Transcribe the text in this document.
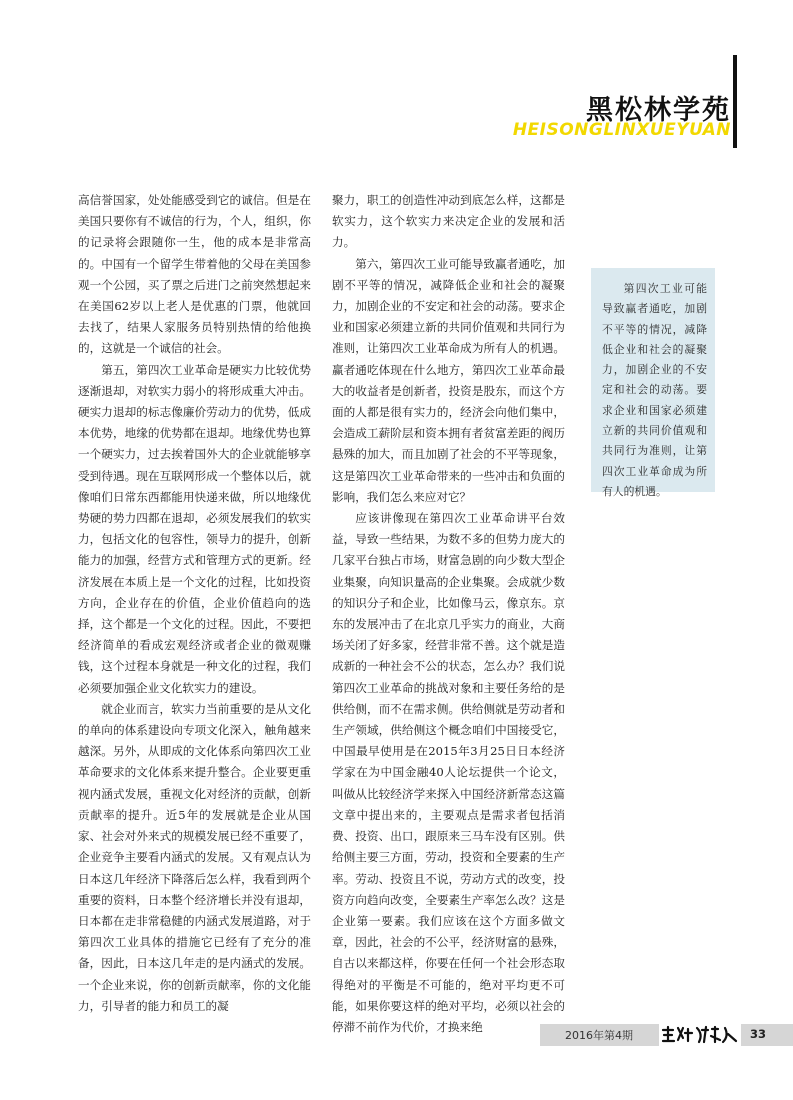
黑松林学苑
HEISONGLINXUEYUAN

高信誉国家，处处能感受到它的诚信。但是在美国只要你有不诚信的行为，个人，组织，你的记录将会跟随你一生，他的成本是非常高的。中国有一个留学生带着他的父母在美国参观一个公园，买了票之后进门之前突然想起来在美国62岁以上老人是优惠的门票，他就回去找了，结果人家服务员特别热情的给他换的，这就是一个诚信的社会。

第五，第四次工业革命是硬实力比较优势逐渐退却，对软实力弱小的将形成重大冲击。硬实力退却的标志像廉价劳动力的优势，低成本优势，地缘的优势都在退却。地缘优势也算一个硬实力，过去挨着国外大的企业就能够享受到待遇。现在互联网形成一个整体以后，就像咱们日常东西都能用快递来做，所以地缘优势硬的势力四都在退却，必须发展我们的软实力，包括文化的包容性，领导力的提升，创新能力的加强，经营方式和管理方式的更新。经济发展在本质上是一个文化的过程，比如投资方向，企业存在的价值，企业价值趋向的选择，这个都是一个文化的过程。因此，不要把经济简单的看成宏观经济或者企业的微观赚钱，这个过程本身就是一种文化的过程，我们必须要加强企业文化软实力的建设。

就企业而言，软实力当前重要的是从文化的单向的体系建设向专项文化深入，触角越来越深。另外，从即成的文化体系向第四次工业革命要求的文化体系来提升整合。企业要更重视内涵式发展，重视文化对经济的贡献，创新贡献率的提升。近5年的发展就是企业从国家、社会对外来式的规模发展已经不重要了，企业竞争主要看内涵式的发展。又有观点认为日本这几年经济下降落后怎么样，我看到两个重要的资料，日本整个经济增长并没有退却，日本都在走非常稳健的内涵式发展道路，对于第四次工业具体的措施它已经有了充分的准备，因此，日本这几年走的是内涵式的发展。一个企业来说，你的创新贡献率，你的文化能力，引导者的能力和员工的凝

聚力，职工的创造性冲动到底怎么样，这都是软实力，这个软实力来决定企业的发展和活力。

第六，第四次工业可能导致赢者通吃，加剧不平等的情况，减降低企业和社会的凝聚力，加剧企业的不安定和社会的动荡。要求企业和国家必须建立新的共同价值观和共同行为准则，让第四次工业革命成为所有人的机遇。赢者通吃体现在什么地方，第四次工业革命最大的收益者是创新者，投资是股东，而这个方面的人都是很有实力的，经济会向他们集中，会造成工薪阶层和资本拥有者贫富差距的阀历悬殊的加大，而且加剧了社会的不平等现象，这是第四次工业革命带来的一些冲击和负面的影响，我们怎么来应对它？

应该讲像现在第四次工业革命讲平台效益，导致一些结果，为数不多的但势力庞大的几家平台独占市场，财富急剧的向少数大型企业集聚，向知识量高的企业集聚。会成就少数的知识分子和企业，比如像马云，像京东。京东的发展冲击了在北京几乎实力的商业，大商场关闭了好多家，经营非常不善。这个就是造成新的一种社会不公的状态，怎么办？我们说第四次工业革命的挑战对象和主要任务给的是供给侧，而不在需求侧。供给侧就是劳动者和生产领域，供给侧这个概念咱们中国接受它，中国最早使用是在2015年3月25日日本经济学家在为中国金融40人论坛提供一个论文，叫做从比较经济学来探入中国经济新常态这篇文章中提出来的，主要观点是需求者包括消费、投资、出口，跟原来三马车没有区别。供给侧主要三方面，劳动，投资和全要素的生产率。劳动、投资且不说，劳动方式的改变，投资方向趋向改变，全要素生产率怎么改？这是企业第一要素。我们应该在这个方面多做文章，因此，社会的不公平，经济财富的悬殊，自古以来都这样，你要在任何一个社会形态取得绝对的平衡是不可能的，绝对平均更不可能，如果你要这样的绝对平均，必须以社会的停滞不前作为代价，才换来绝

第四次工业可能导致赢者通吃，加剧不平等的情况，减降低企业和社会的凝聚力，加剧企业的不安定和社会的动荡。要求企业和国家必须建立新的共同价值观和共同行为准则，让第四次工业革命成为所有人的机遇。
2016年第4期	33
